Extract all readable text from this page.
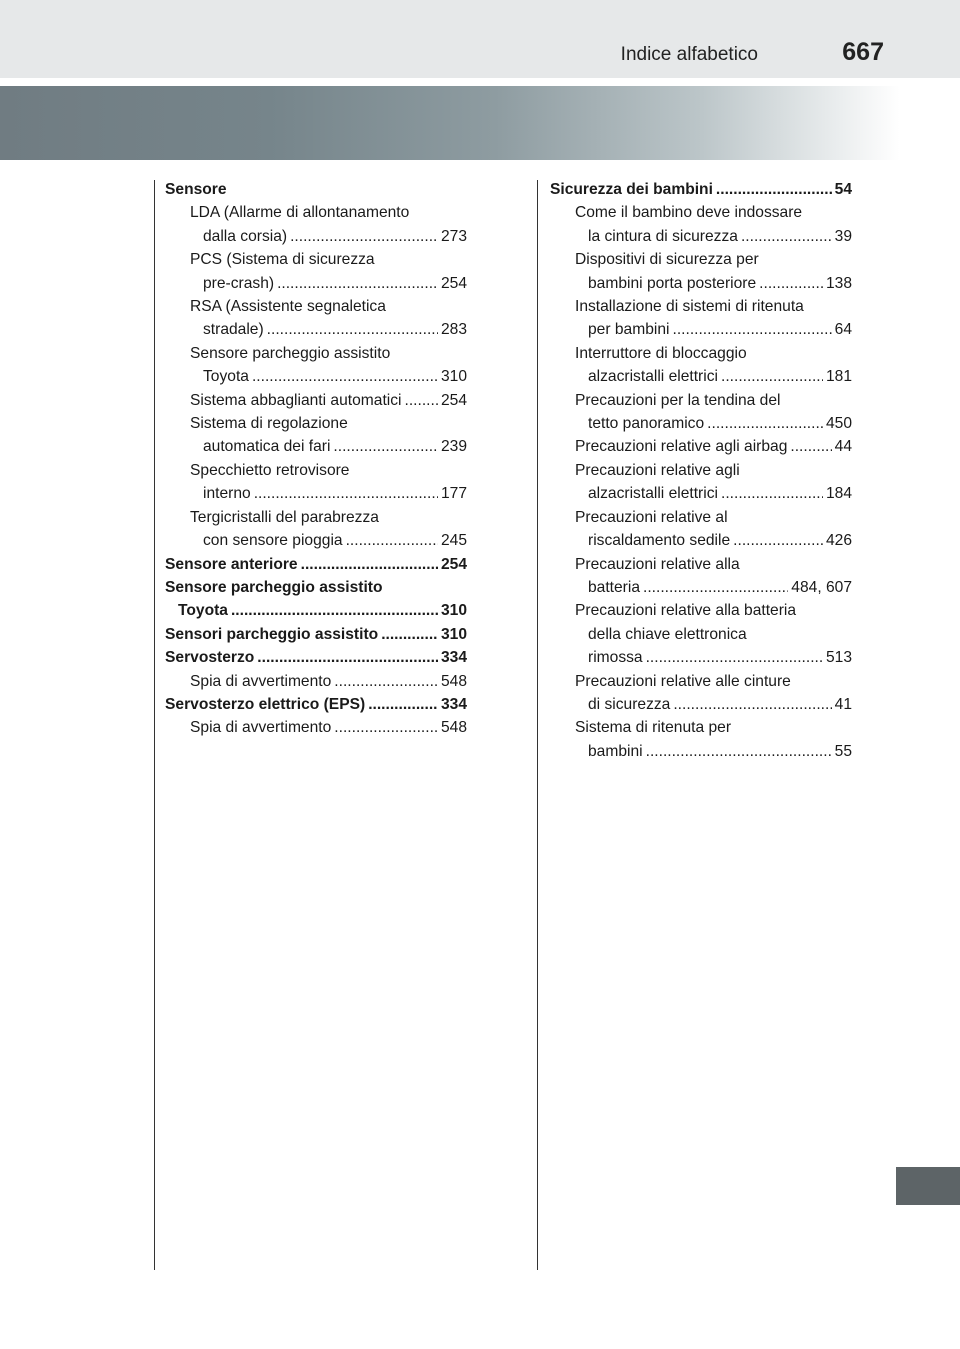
Indice alfabetico	667
Sensore
LDA (Allarme di allontanamento
dalla corsia) .....	273
PCS (Sistema di sicurezza
pre-crash) .....	254
RSA (Assistente segnaletica
stradale) .....	283
Sensore parcheggio assistito
Toyota .....	310
Sistema abbaglianti automatici .....	254
Sistema di regolazione
automatica dei fari .....	239
Specchietto retrovisore
interno .....	177
Tergicristalli del parabrezza
con sensore pioggia .....	245
Sensore anteriore .....	254
Sensore parcheggio assistito
Toyota .....	310
Sensori parcheggio assistito .....	310
Servosterzo .....	334
Spia di avvertimento .....	548
Servosterzo elettrico (EPS) .....	334
Spia di avvertimento .....	548
Sicurezza dei bambini .....	54
Come il bambino deve indossare
la cintura di sicurezza .....	39
Dispositivi di sicurezza per
bambini porta posteriore .....	138
Installazione di sistemi di ritenuta
per bambini .....	64
Interruttore di bloccaggio
alzacristalli elettrici .....	181
Precauzioni per la tendina del
tetto panoramico .....	450
Precauzioni relative agli airbag .....	44
Precauzioni relative agli
alzacristalli elettrici .....	184
Precauzioni relative al
riscaldamento sedile .....	426
Precauzioni relative alla
batteria .....	484, 607
Precauzioni relative alla batteria
della chiave elettronica
rimossa .....	513
Precauzioni relative alle cinture
di sicurezza .....	41
Sistema di ritenuta per
bambini .....	55
